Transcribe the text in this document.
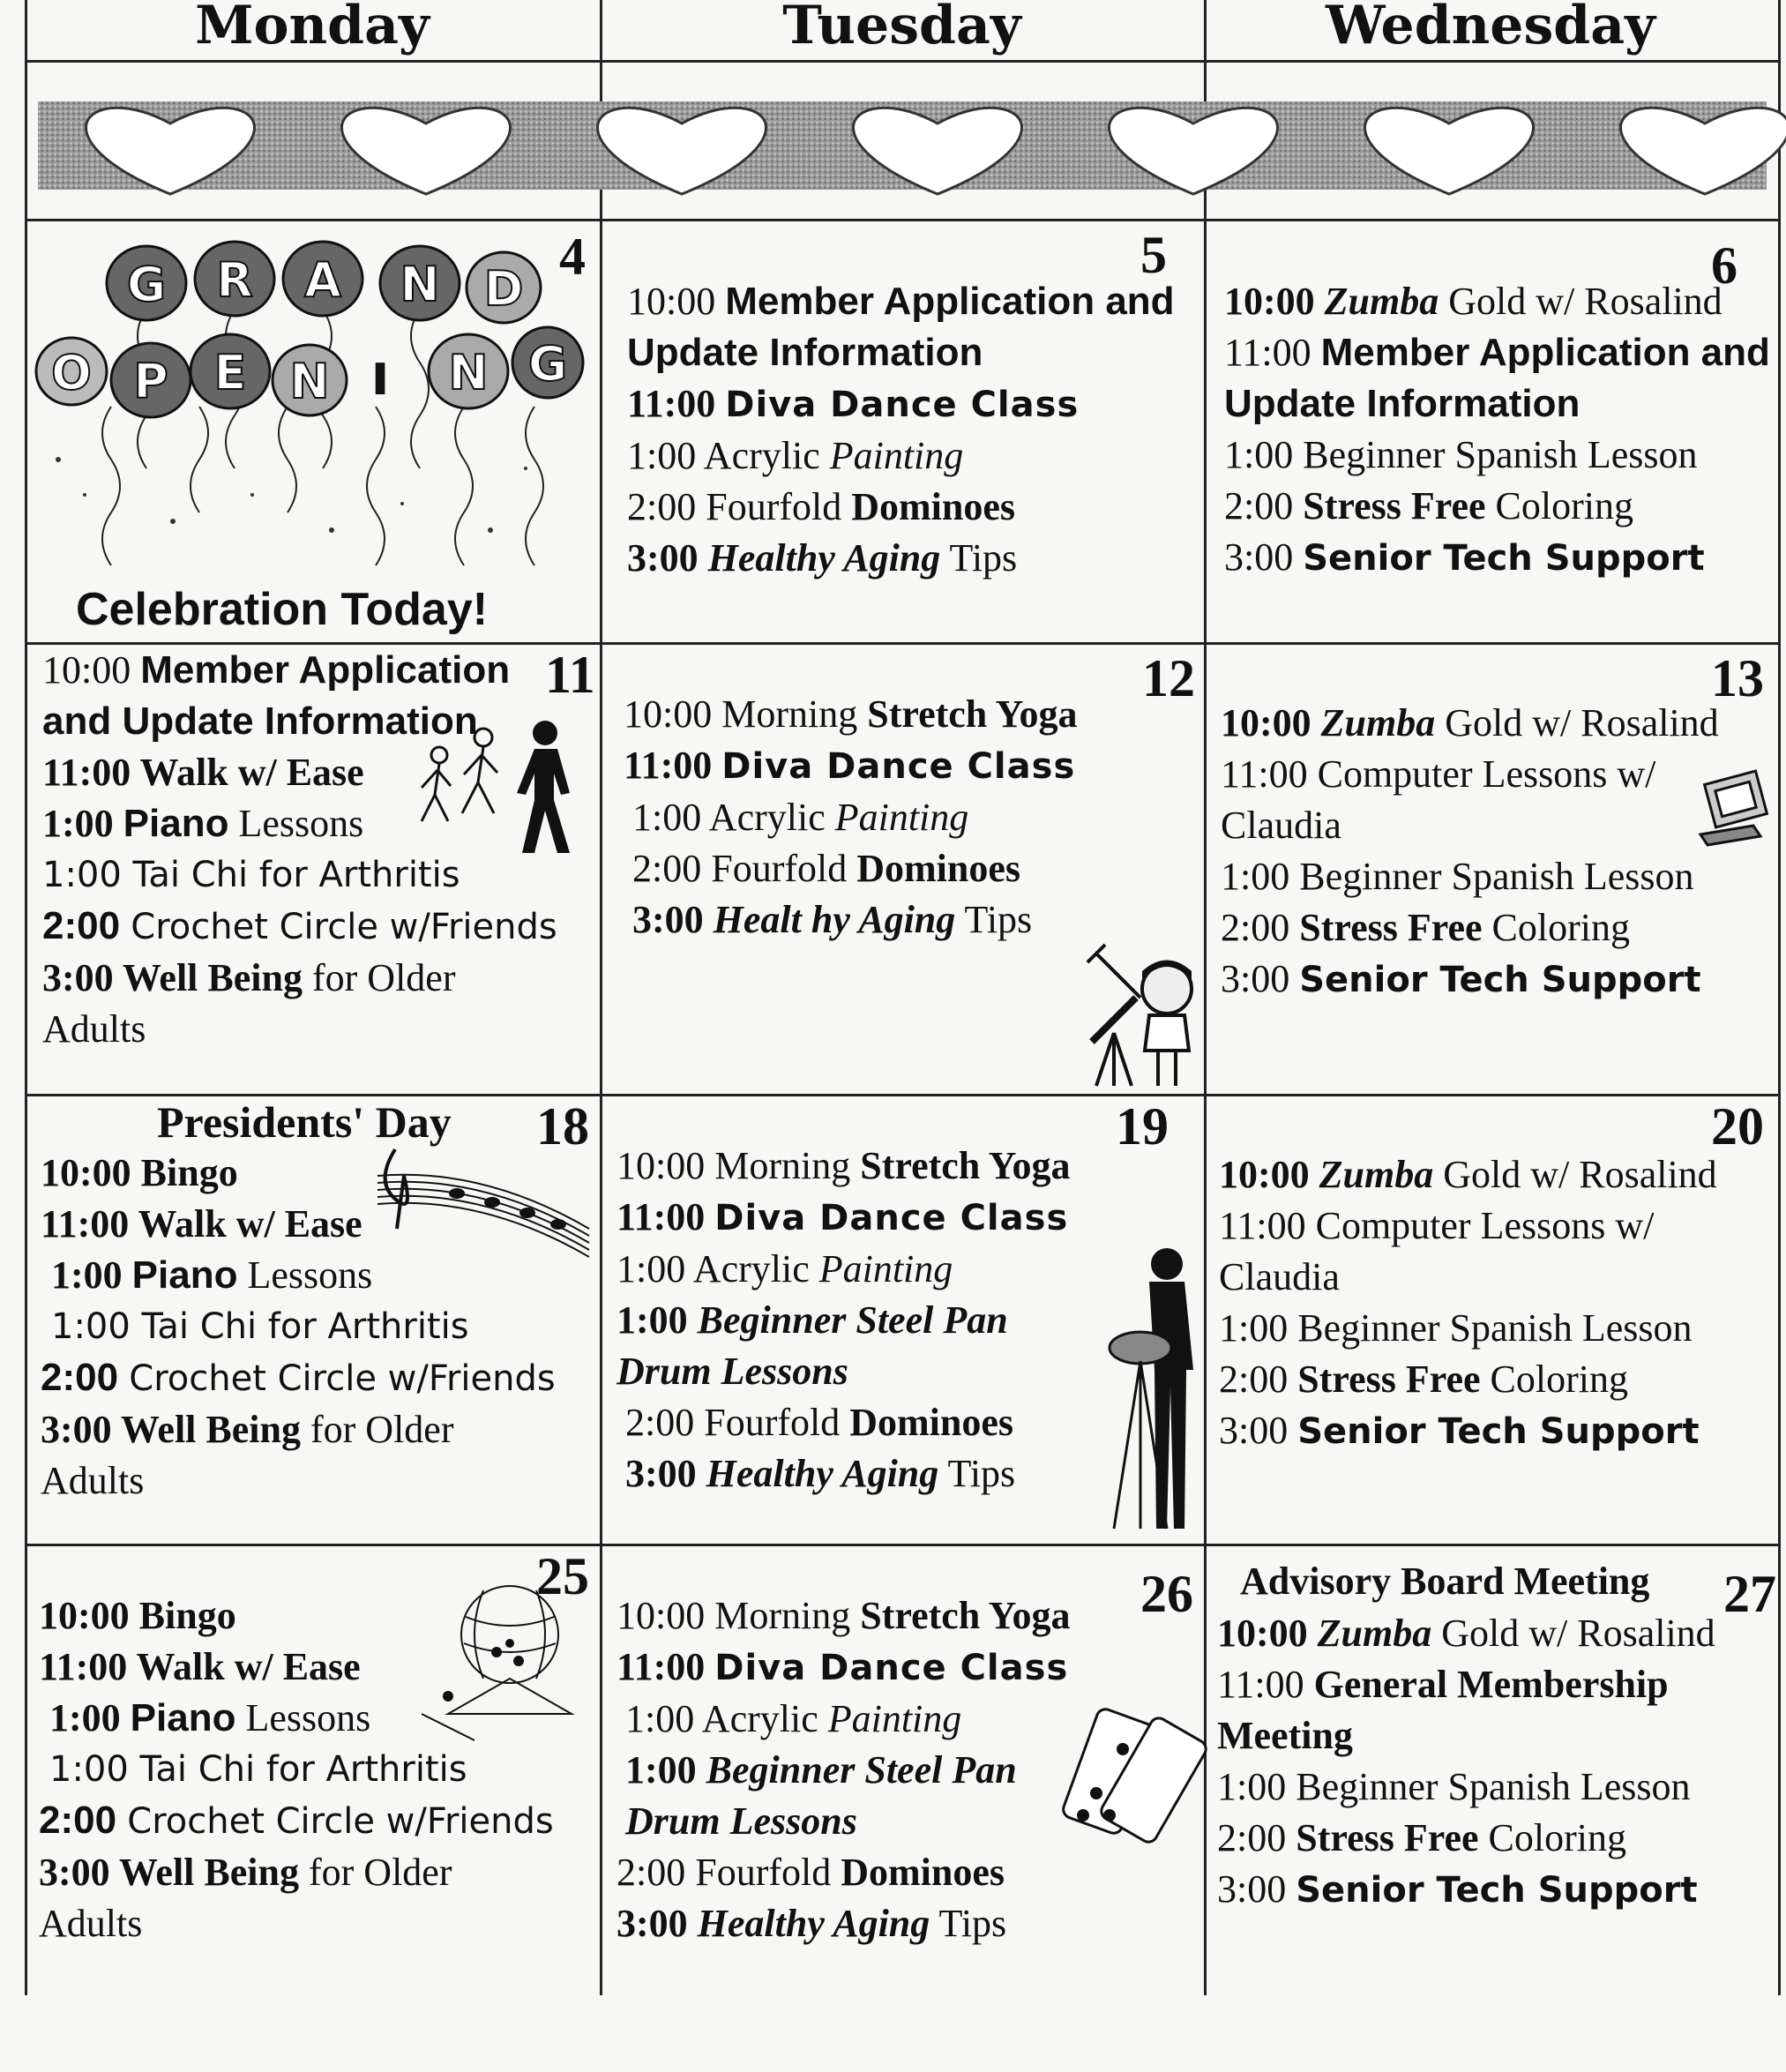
Monday	Tuesday	Wednesday
G R A N D
O P E N I N G
4
Celebration Today!
5
10:00 Member Application and Update Information
11:00 Diva Dance Class
1:00 Acrylic Painting
2:00 Fourfold Dominoes
3:00 Healthy Aging Tips
6
10:00 Zumba Gold w/ Rosalind
11:00 Member Application and Update Information
1:00 Beginner Spanish Lesson
2:00 Stress Free Coloring
3:00 Senior Tech Support
11
10:00 Member Application and Update Information
11:00 Walk w/ Ease
1:00 Piano Lessons
1:00 Tai Chi for Arthritis
2:00 Crochet Circle w/Friends
3:00 Well Being for Older Adults
12
10:00 Morning Stretch Yoga
11:00 Diva Dance Class
1:00 Acrylic Painting
2:00 Fourfold Dominoes
3:00 Healt hy Aging Tips
13
10:00 Zumba Gold w/ Rosalind
11:00 Computer Lessons w/ Claudia
1:00 Beginner Spanish Lesson
2:00 Stress Free Coloring
3:00 Senior Tech Support
Presidents' Day 18
10:00 Bingo
11:00 Walk w/ Ease
1:00 Piano Lessons
1:00 Tai Chi for Arthritis
2:00 Crochet Circle w/Friends
3:00 Well Being for Older Adults
19
10:00 Morning Stretch Yoga
11:00 Diva Dance Class
1:00 Acrylic Painting
1:00 Beginner Steel Pan Drum Lessons
2:00 Fourfold Dominoes
3:00 Healthy Aging Tips
20
10:00 Zumba Gold w/ Rosalind
11:00 Computer Lessons w/ Claudia
1:00 Beginner Spanish Lesson
2:00 Stress Free Coloring
3:00 Senior Tech Support
25
10:00 Bingo
11:00 Walk w/ Ease
1:00 Piano Lessons
1:00 Tai Chi for Arthritis
2:00 Crochet Circle w/Friends
3:00 Well Being for Older Adults
26
10:00 Morning Stretch Yoga
11:00 Diva Dance Class
1:00 Acrylic Painting
1:00 Beginner Steel Pan Drum Lessons
2:00 Fourfold Dominoes
3:00 Healthy Aging Tips
Advisory Board Meeting 27
10:00 Zumba Gold w/ Rosalind
11:00 General Membership Meeting
1:00 Beginner Spanish Lesson
2:00 Stress Free Coloring
3:00 Senior Tech Support
